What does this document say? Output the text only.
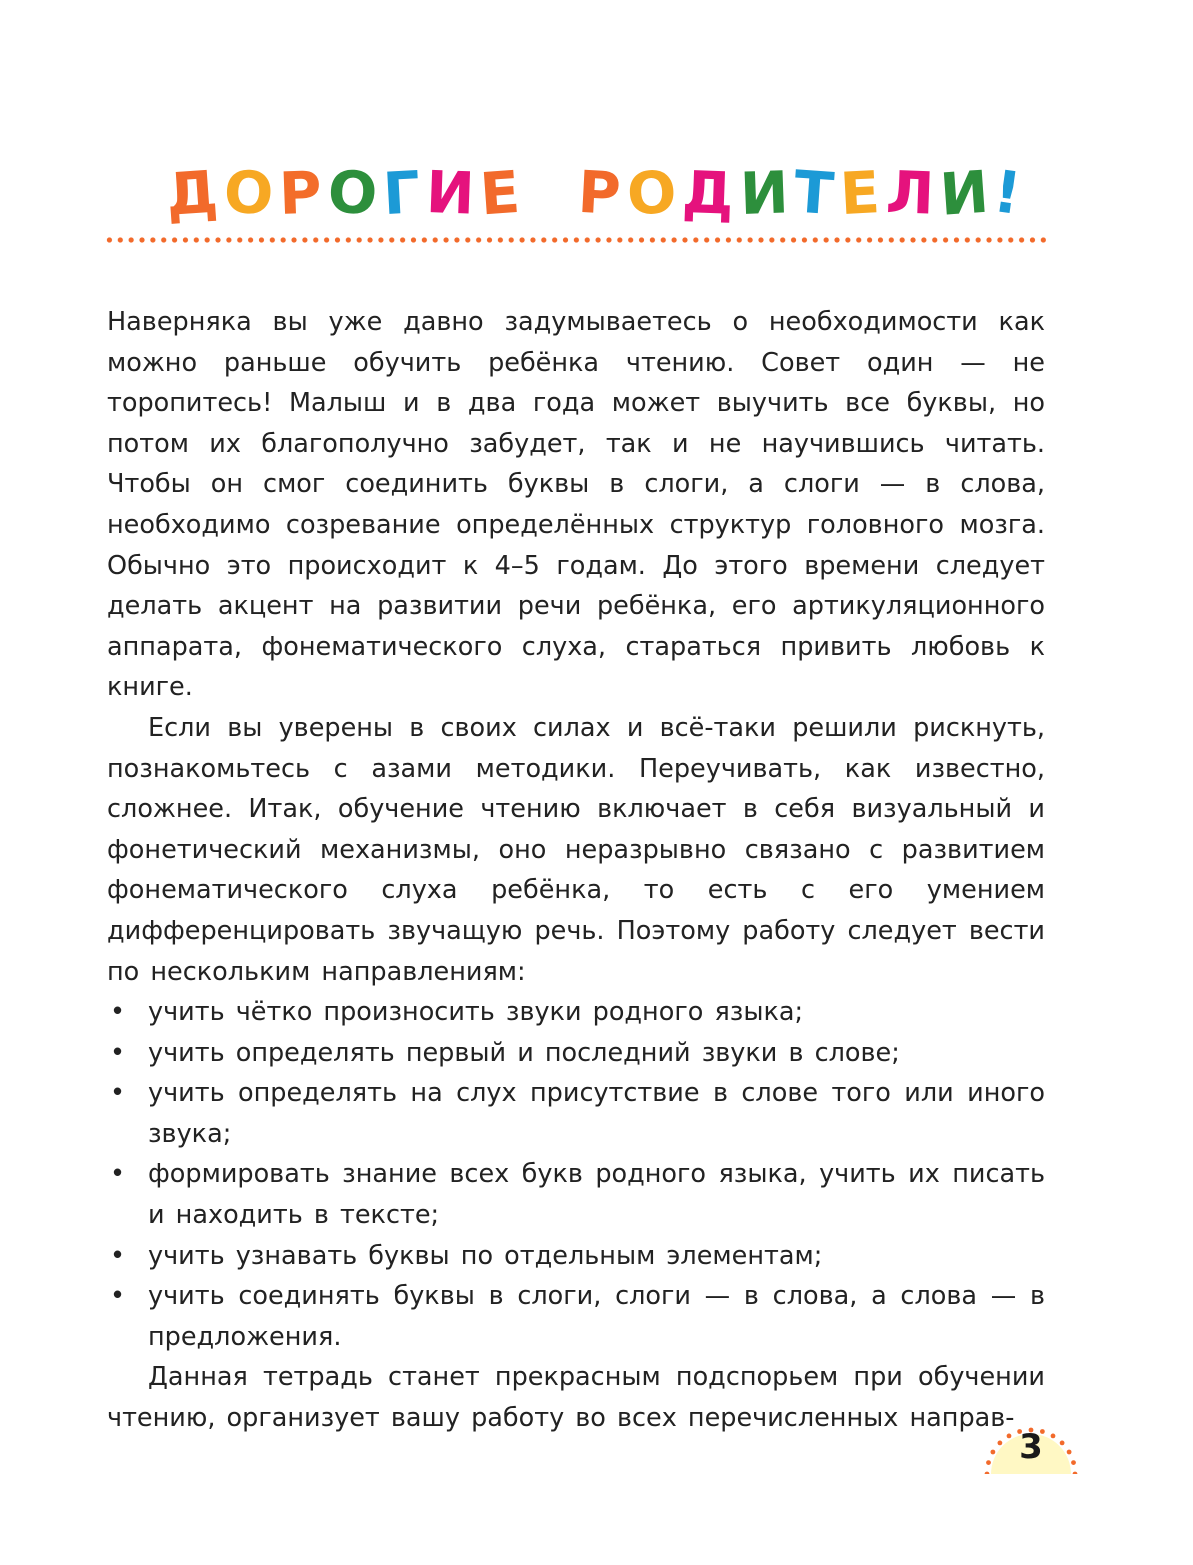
ДОРОГИЕ РОДИТЕЛИ!

Наверняка вы уже давно задумываетесь о необходимости как можно раньше обучить ребёнка чтению. Совет один — не торопитесь! Малыш и в два года может выучить все буквы, но потом их благополучно забудет, так и не научившись читать. Чтобы он смог соединить буквы в слоги, а слоги — в слова, необходимо созревание определённых структур головного мозга. Обычно это происходит к 4–5 годам. До этого времени следует делать акцент на развитии речи ребёнка, его артикуляционного аппарата, фонематического слуха, стараться привить любовь к книге.

Если вы уверены в своих силах и всё-таки решили рискнуть, познакомьтесь с азами методики. Переучивать, как известно, сложнее. Итак, обучение чтению включает в себя визуальный и фонетический механизмы, оно неразрывно связано с развитием фонематического слуха ребёнка, то есть с его умением дифференцировать звучащую речь. Поэтому работу следует вести по нескольким направлениям:

• учить чётко произносить звуки родного языка;
• учить определять первый и последний звуки в слове;
• учить определять на слух присутствие в слове того или иного звука;
• формировать знание всех букв родного языка, учить их писать и находить в тексте;
• учить узнавать буквы по отдельным элементам;
• учить соединять буквы в слоги, слоги — в слова, а слова — в предложения.

Данная тетрадь станет прекрасным подспорьем при обучении чтению, организует вашу работу во всех перечисленных направ-

3
